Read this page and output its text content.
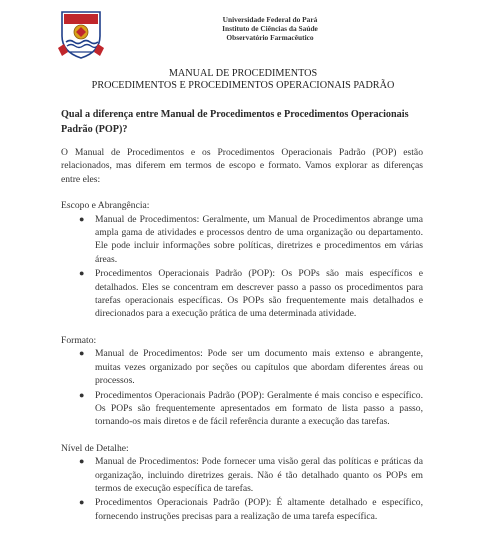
Universidade Federal do Pará
Instituto de Ciências da Saúde
Observatório Farmacêutico
MANUAL DE PROCEDIMENTOS
PROCEDIMENTOS E PROCEDIMENTOS OPERACIONAIS PADRÃO
Qual a diferença entre Manual de Procedimentos e Procedimentos Operacionais Padrão (POP)?

O Manual de Procedimentos e os Procedimentos Operacionais Padrão (POP) estão relacionados, mas diferem em termos de escopo e formato. Vamos explorar as diferenças entre eles:

Escopo e Abrangência:

● Manual de Procedimentos: Geralmente, um Manual de Procedimentos abrange uma ampla gama de atividades e processos dentro de uma organização ou departamento. Ele pode incluir informações sobre políticas, diretrizes e procedimentos em várias áreas.
● Procedimentos Operacionais Padrão (POP): Os POPs são mais específicos e detalhados. Eles se concentram em descrever passo a passo os procedimentos para tarefas operacionais específicas. Os POPs são frequentemente mais detalhados e direcionados para a execução prática de uma determinada atividade.

Formato:

● Manual de Procedimentos: Pode ser um documento mais extenso e abrangente, muitas vezes organizado por seções ou capítulos que abordam diferentes áreas ou processos.
● Procedimentos Operacionais Padrão (POP): Geralmente é mais conciso e específico. Os POPs são frequentemente apresentados em formato de lista passo a passo, tornando-os mais diretos e de fácil referência durante a execução das tarefas.

Nível de Detalhe:

● Manual de Procedimentos: Pode fornecer uma visão geral das políticas e práticas da organização, incluindo diretrizes gerais. Não é tão detalhado quanto os POPs em termos de execução específica de tarefas.
● Procedimentos Operacionais Padrão (POP): É altamente detalhado e específico, fornecendo instruções precisas para a realização de uma tarefa específica.
